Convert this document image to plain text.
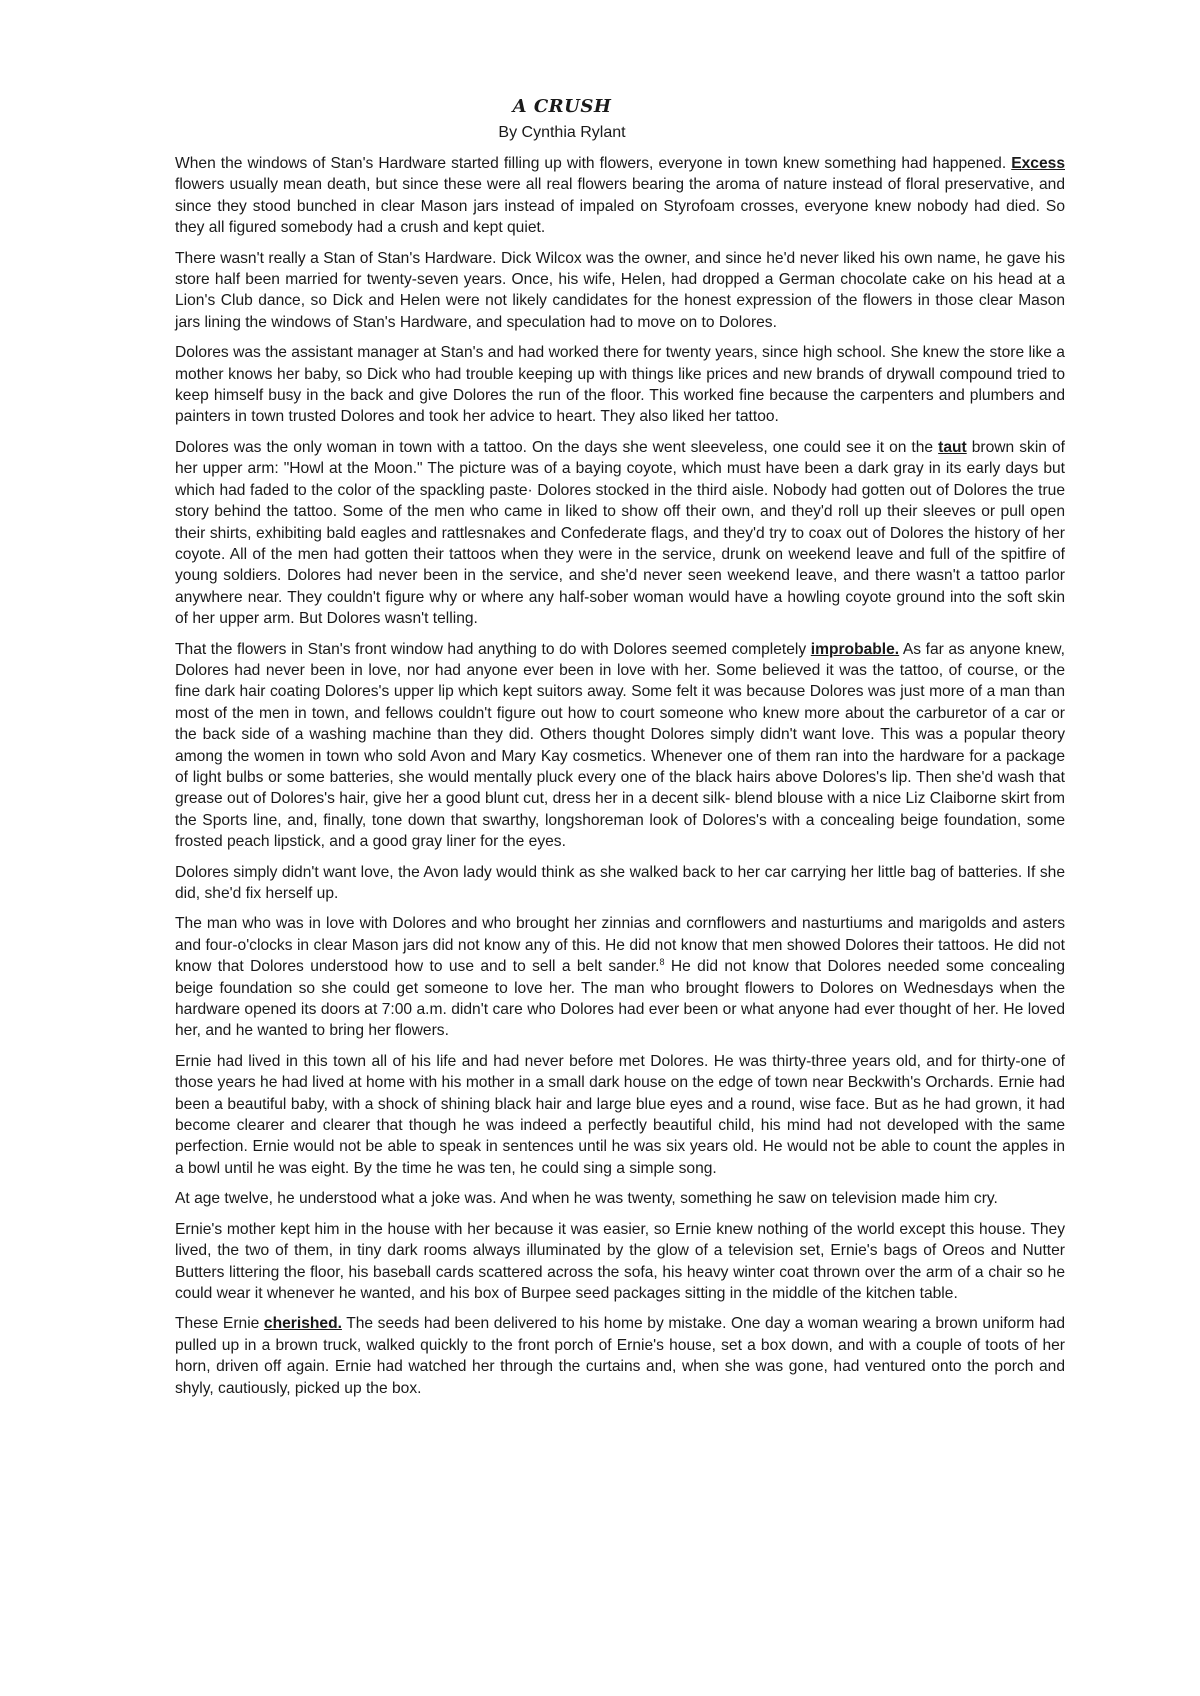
A CRUSH
By Cynthia Rylant

When the windows of Stan's Hardware started filling up with flowers, everyone in town knew something had happened. Excess flowers usually mean death, but since these were all real flowers bearing the aroma of nature instead of floral preservative, and since they stood bunched in clear Mason jars instead of impaled on Styrofoam crosses, everyone knew nobody had died. So they all figured somebody had a crush and kept quiet.

There wasn't really a Stan of Stan's Hardware. Dick Wilcox was the owner, and since he'd never liked his own name, he gave his store half been married for twenty-seven years. Once, his wife, Helen, had dropped a German chocolate cake on his head at a Lion's Club dance, so Dick and Helen were not likely candidates for the honest expression of the flowers in those clear Mason jars lining the windows of Stan's Hardware, and speculation had to move on to Dolores.

Dolores was the assistant manager at Stan's and had worked there for twenty years, since high school. She knew the store like a mother knows her baby, so Dick who had trouble keeping up with things like prices and new brands of drywall compound tried to keep himself busy in the back and give Dolores the run of the floor. This worked fine because the carpenters and plumbers and painters in town trusted Dolores and took her advice to heart. They also liked her tattoo.

Dolores was the only woman in town with a tattoo. On the days she went sleeveless, one could see it on the taut brown skin of her upper arm: "Howl at the Moon." The picture was of a baying coyote, which must have been a dark gray in its early days but which had faded to the color of the spackling paste· Dolores stocked in the third aisle. Nobody had gotten out of Dolores the true story behind the tattoo. Some of the men who came in liked to show off their own, and they'd roll up their sleeves or pull open their shirts, exhibiting bald eagles and rattlesnakes and Confederate flags, and they'd try to coax out of Dolores the history of her coyote. All of the men had gotten their tattoos when they were in the service, drunk on weekend leave and full of the spitfire of young soldiers. Dolores had never been in the service, and she'd never seen weekend leave, and there wasn't a tattoo parlor anywhere near. They couldn't figure why or where any half-sober woman would have a howling coyote ground into the soft skin of her upper arm. But Dolores wasn't telling.

That the flowers in Stan's front window had anything to do with Dolores seemed completely improbable. As far as anyone knew, Dolores had never been in love, nor had anyone ever been in love with her. Some believed it was the tattoo, of course, or the fine dark hair coating Dolores's upper lip which kept suitors away. Some felt it was because Dolores was just more of a man than most of the men in town, and fellows couldn't figure out how to court someone who knew more about the carburetor of a car or the back side of a washing machine than they did. Others thought Dolores simply didn't want love. This was a popular theory among the women in town who sold Avon and Mary Kay cosmetics. Whenever one of them ran into the hardware for a package of light bulbs or some batteries, she would mentally pluck every one of the black hairs above Dolores's lip. Then she'd wash that grease out of Dolores's hair, give her a good blunt cut, dress her in a decent silk- blend blouse with a nice Liz Claiborne skirt from the Sports line, and, finally, tone down that swarthy, longshoreman look of Dolores's with a concealing beige foundation, some frosted peach lipstick, and a good gray liner for the eyes.

Dolores simply didn't want love, the Avon lady would think as she walked back to her car carrying her little bag of batteries. If she did, she'd fix herself up.

The man who was in love with Dolores and who brought her zinnias and cornflowers and nasturtiums and marigolds and asters and four-o'clocks in clear Mason jars did not know any of this. He did not know that men showed Dolores their tattoos. He did not know that Dolores understood how to use and to sell a belt sander.$^8$ He did not know that Dolores needed some concealing beige foundation so she could get someone to love her. The man who brought flowers to Dolores on Wednesdays when the hardware opened its doors at 7:00 a.m. didn't care who Dolores had ever been or what anyone had ever thought of her. He loved her, and he wanted to bring her flowers.

Ernie had lived in this town all of his life and had never before met Dolores. He was thirty-three years old, and for thirty-one of those years he had lived at home with his mother in a small dark house on the edge of town near Beckwith's Orchards. Ernie had been a beautiful baby, with a shock of shining black hair and large blue eyes and a round, wise face. But as he had grown, it had become clearer and clearer that though he was indeed a perfectly beautiful child, his mind had not developed with the same perfection. Ernie would not be able to speak in sentences until he was six years old. He would not be able to count the apples in a bowl until he was eight. By the time he was ten, he could sing a simple song.

At age twelve, he understood what a joke was. And when he was twenty, something he saw on television made him cry.

Ernie's mother kept him in the house with her because it was easier, so Ernie knew nothing of the world except this house. They lived, the two of them, in tiny dark rooms always illuminated by the glow of a television set, Ernie's bags of Oreos and Nutter Butters littering the floor, his baseball cards scattered across the sofa, his heavy winter coat thrown over the arm of a chair so he could wear it whenever he wanted, and his box of Burpee seed packages sitting in the middle of the kitchen table.

These Ernie cherished. The seeds had been delivered to his home by mistake. One day a woman wearing a brown uniform had pulled up in a brown truck, walked quickly to the front porch of Ernie's house, set a box down, and with a couple of toots of her horn, driven off again. Ernie had watched her through the curtains and, when she was gone, had ventured onto the porch and shyly, cautiously, picked up the box.
